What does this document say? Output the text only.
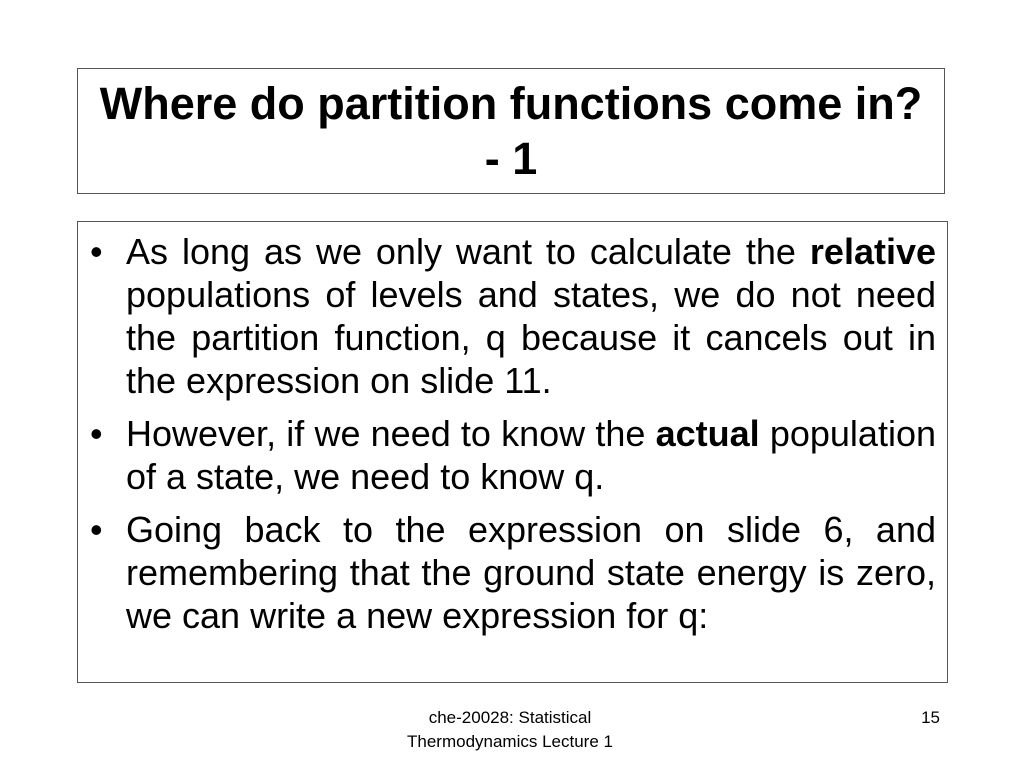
Where do partition functions come in? - 1
• As long as we only want to calculate the relative populations of levels and states, we do not need the partition function, q because it cancels out in the expression on slide 11.
• However, if we need to know the actual population of a state, we need to know q.
• Going back to the expression on slide 6, and remembering that the ground state energy is zero, we can write a new expression for q:
che-20028: Statistical
Thermodynamics Lecture 1
15
